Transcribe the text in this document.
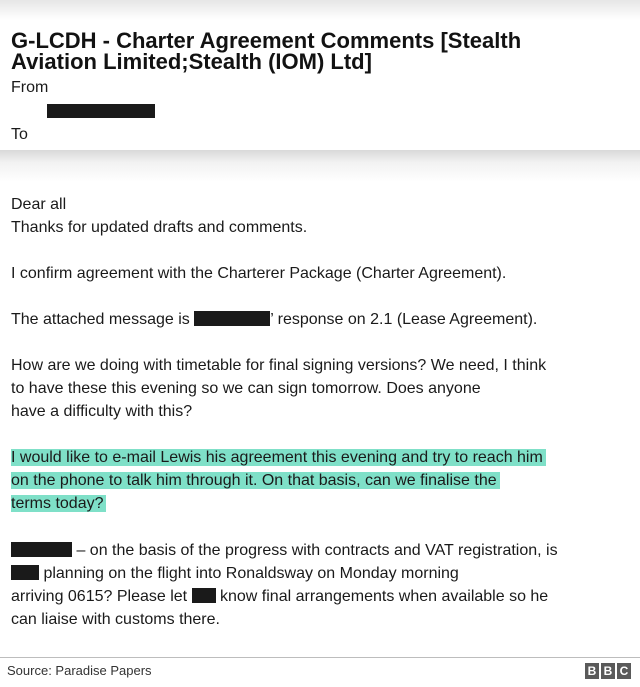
G-LCDH - Charter Agreement Comments [Stealth
Aviation Limited;Stealth (IOM) Ltd]
From
To
Dear all
Thanks for updated drafts and comments.
I confirm agreement with the Charterer Package (Charter Agreement).
The attached message is	’ response on 2.1 (Lease Agreement).
How are we doing with timetable for final signing versions? We need, I think
to have these this evening so we can sign tomorrow. Does anyone
have a difficulty with this?
I would like to e-mail Lewis his agreement this evening and try to reach him
on the phone to talk him through it. On that basis, can we finalise the
terms today?
– on the basis of the progress with contracts and VAT registration, is
planning on the flight into Ronaldsway on Monday morning
arriving 0615? Please let  know final arrangements when available so he
can liaise with customs there.
Source: Paradise Papers	B B C
